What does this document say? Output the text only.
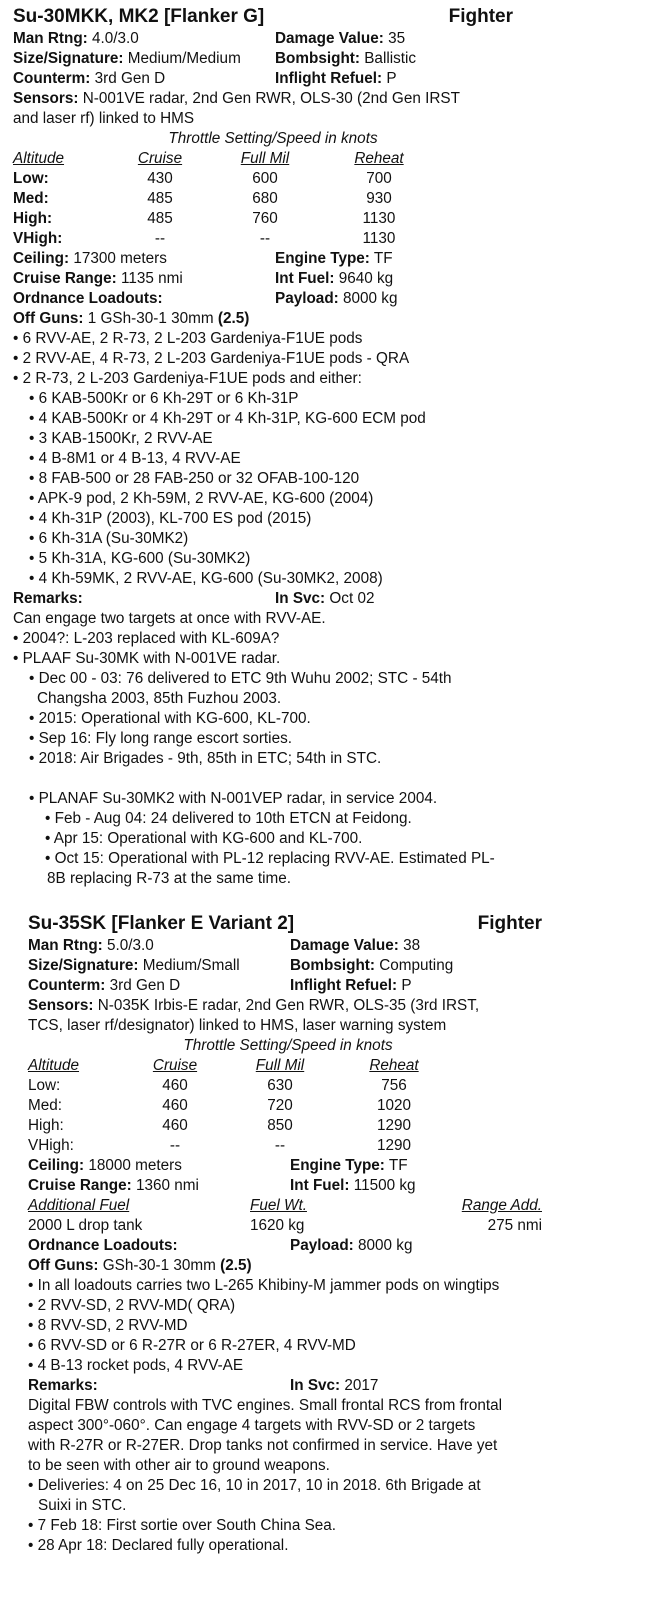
Su-30MKK, MK2 [Flanker G]	Fighter
Man Rtng: 4.0/3.0	Damage Value: 35
Size/Signature: Medium/Medium	Bombsight: Ballistic
Counterm: 3rd Gen D	Inflight Refuel: P
Sensors: N-001VE radar, 2nd Gen RWR, OLS-30 (2nd Gen IRST
and laser rf) linked to HMS
Throttle Setting/Speed in knots
Altitude	Cruise	Full Mil	Reheat
Low:	430	600	700
Med:	485	680	930
High:	485	760	1130
VHigh:	--	--	1130
Ceiling: 17300 meters	Engine Type: TF
Cruise Range: 1135 nmi	Int Fuel: 9640 kg
Ordnance Loadouts:	Payload: 8000 kg
Off Guns: 1 GSh-30-1 30mm (2.5)
• 6 RVV-AE, 2 R-73, 2 L-203 Gardeniya-F1UE pods
• 2 RVV-AE, 4 R-73, 2 L-203 Gardeniya-F1UE pods - QRA
• 2 R-73, 2 L-203 Gardeniya-F1UE pods and either:
• 6 KAB-500Kr or 6 Kh-29T or 6 Kh-31P
• 4 KAB-500Kr or 4 Kh-29T or 4 Kh-31P, KG-600 ECM pod
• 3 KAB-1500Kr, 2 RVV-AE
• 4 B-8M1 or 4 B-13, 4 RVV-AE
• 8 FAB-500 or 28 FAB-250 or 32 OFAB-100-120
• APK-9 pod, 2 Kh-59M, 2 RVV-AE, KG-600 (2004)
• 4 Kh-31P (2003), KL-700 ES pod (2015)
• 6 Kh-31A (Su-30MK2)
• 5 Kh-31A, KG-600 (Su-30MK2)
• 4 Kh-59MK, 2 RVV-AE, KG-600 (Su-30MK2, 2008)
Remarks:	In Svc: Oct 02
Can engage two targets at once with RVV-AE.
• 2004?: L-203 replaced with KL-609A?
• PLAAF Su-30MK with N-001VE radar.
• Dec 00 - 03: 76 delivered to ETC 9th Wuhu 2002; STC - 54th
Changsha 2003, 85th Fuzhou 2003.
• 2015: Operational with KG-600, KL-700.
• Sep 16: Fly long range escort sorties.
• 2018: Air Brigades - 9th, 85th in ETC; 54th in STC.
• PLANAF Su-30MK2 with N-001VEP radar, in service 2004.
• Feb - Aug 04: 24 delivered to 10th ETCN at Feidong.
• Apr 15: Operational with KG-600 and KL-700.
• Oct 15: Operational with PL-12 replacing RVV-AE. Estimated PL-
8B replacing R-73 at the same time.
Su-35SK [Flanker E Variant 2]	Fighter
Man Rtng: 5.0/3.0	Damage Value: 38
Size/Signature: Medium/Small	Bombsight: Computing
Counterm: 3rd Gen D	Inflight Refuel: P
Sensors: N-035K Irbis-E radar, 2nd Gen RWR, OLS-35 (3rd IRST,
TCS, laser rf/designator) linked to HMS, laser warning system
Throttle Setting/Speed in knots
Altitude	Cruise	Full Mil	Reheat
Low:	460	630	756
Med:	460	720	1020
High:	460	850	1290
VHigh:	--	--	1290
Ceiling: 18000 meters	Engine Type: TF
Cruise Range: 1360 nmi	Int Fuel: 11500 kg
Additional Fuel	Fuel Wt.	Range Add.
2000 L drop tank	1620 kg	275 nmi
Ordnance Loadouts:	Payload: 8000 kg
Off Guns: GSh-30-1 30mm (2.5)
• In all loadouts carries two L-265 Khibiny-M jammer pods on wingtips
• 2 RVV-SD, 2 RVV-MD( QRA)
• 8 RVV-SD, 2 RVV-MD
• 6 RVV-SD or 6 R-27R or 6 R-27ER, 4 RVV-MD
• 4 B-13 rocket pods, 4 RVV-AE
Remarks:	In Svc: 2017
Digital FBW controls with TVC engines. Small frontal RCS from frontal
aspect 300°-060°. Can engage 4 targets with RVV-SD or 2 targets
with R-27R or R-27ER. Drop tanks not confirmed in service. Have yet
to be seen with other air to ground weapons.
• Deliveries: 4 on 25 Dec 16, 10 in 2017, 10 in 2018. 6th Brigade at
Suixi in STC.
• 7 Feb 18: First sortie over South China Sea.
• 28 Apr 18: Declared fully operational.
